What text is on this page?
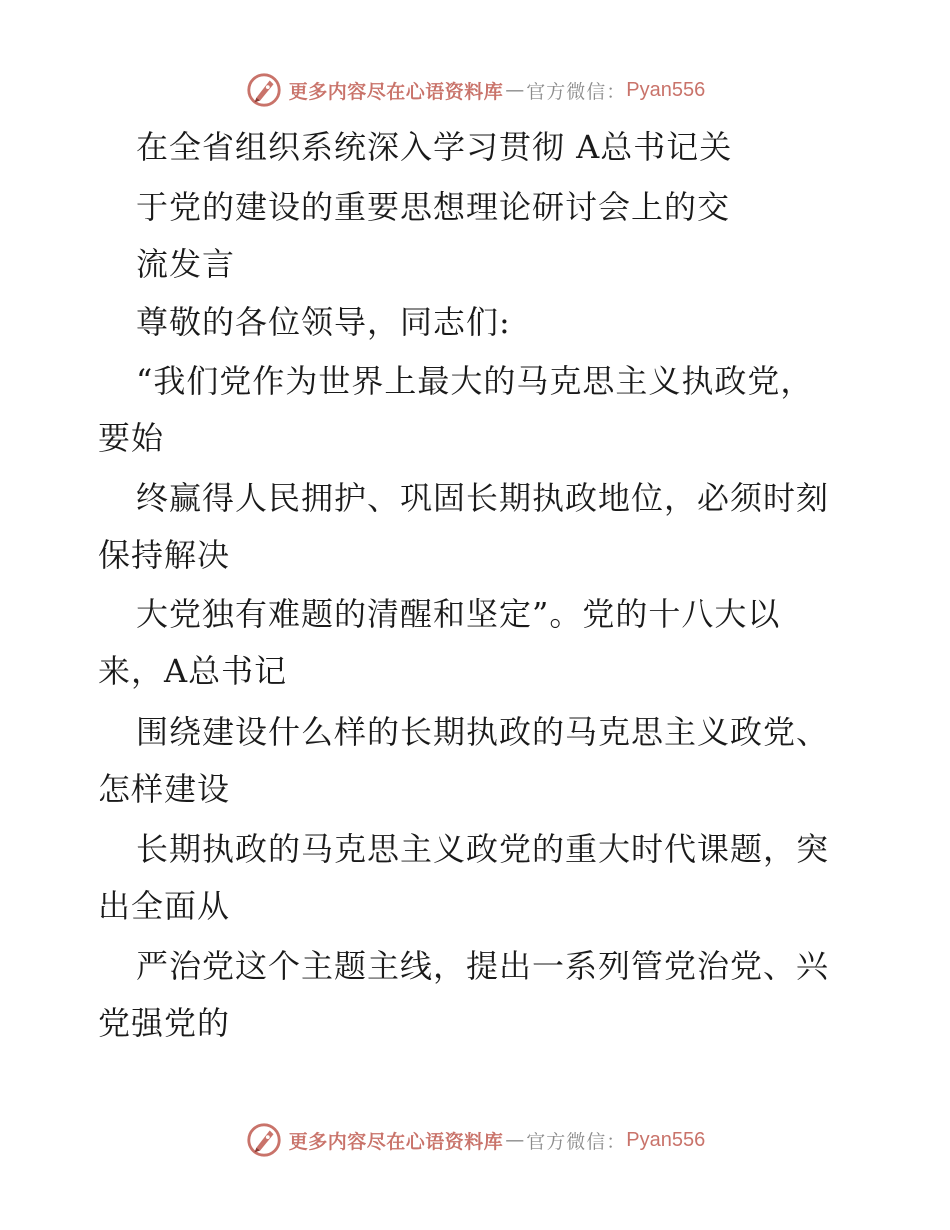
更多内容尽在心语资料库 — 官方微信： Pyan556
在全省组织系统深入学习贯彻 A总书记关
于党的建设的重要思想理论研讨会上的交
流发言
尊敬的各位领导，同志们:
“我们党作为世界上最大的马克思主义执政党，
要始
终赢得人民拥护、巩固长期执政地位，必须时刻
保持解决
大党独有难题的清醒和坚定”。党的十八大以
来，A总书记
围绕建设什么样的长期执政的马克思主义政党、
怎样建设
长期执政的马克思主义政党的重大时代课题，突
出全面从
严治党这个主题主线，提出一系列管党治党、兴
党强党的
更多内容尽在心语资料库 — 官方微信： Pyan556
